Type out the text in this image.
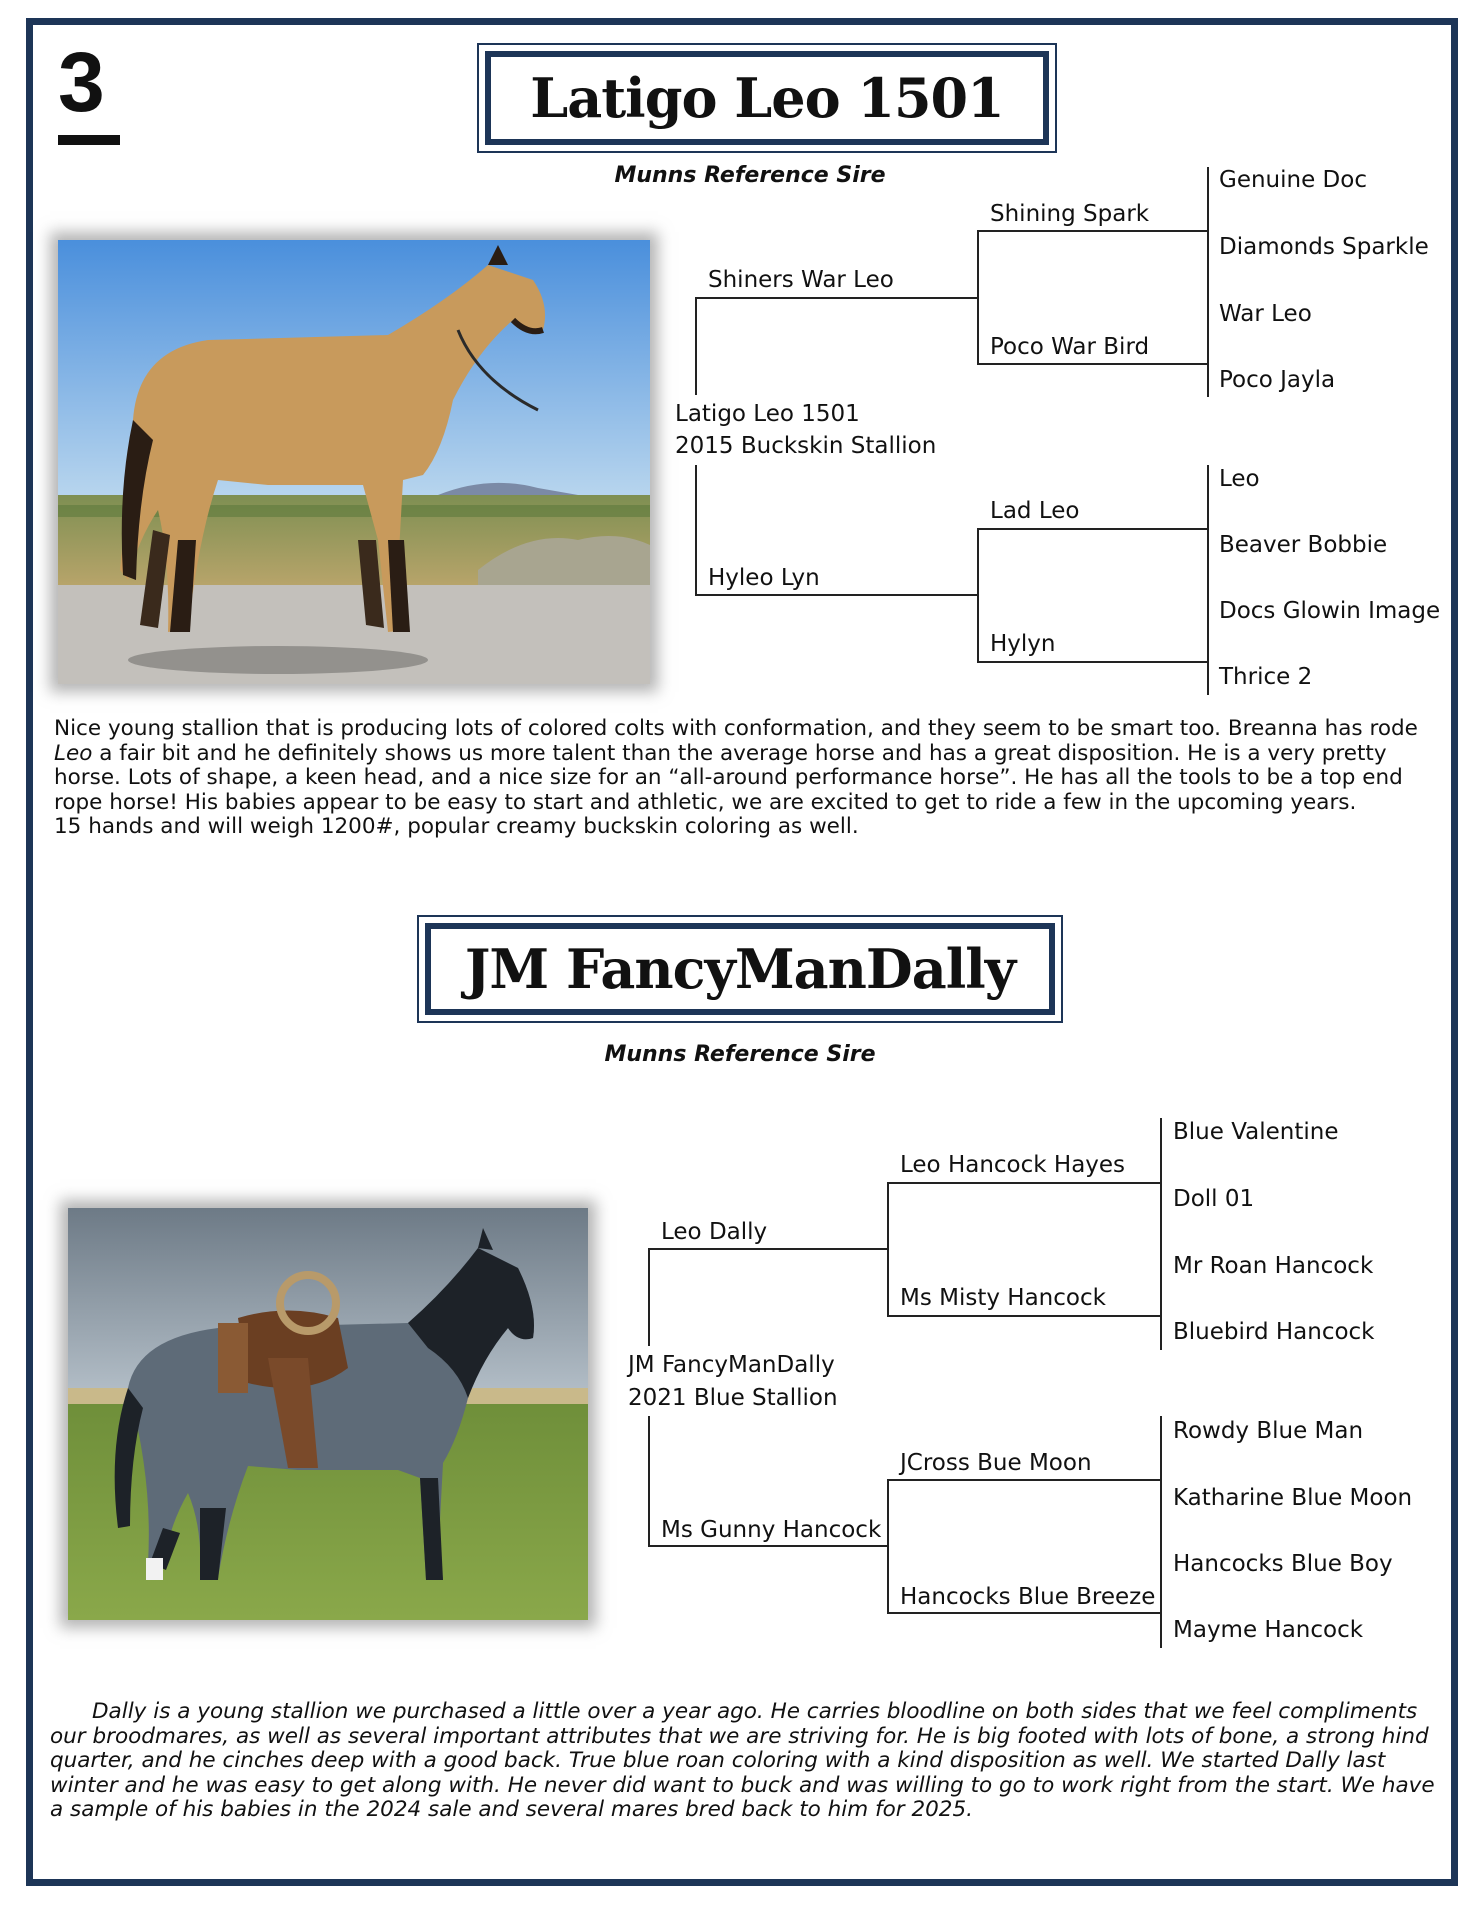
3	Latigo Leo 1501
Munns Reference Sire	Genuine Doc
Shining Spark
Diamonds Sparkle
Shiners War Leo
War Leo
Poco War Bird
Poco Jayla
Latigo Leo 1501
2015 Buckskin Stallion
Leo
Lad Leo
Beaver Bobbie
Hyleo Lyn
Docs Glowin Image
Hylyn
Thrice 2

Nice young stallion that is producing lots of colored colts with conformation, and they seem to be smart too. Breanna has rode Leo a fair bit and he definitely shows us more talent than the average horse and has a great disposition. He is a very pretty horse. Lots of shape, a keen head, and a nice size for an “all-around performance horse”. He has all the tools to be a top end rope horse! His babies appear to be easy to start and athletic, we are excited to get to ride a few in the upcoming years.

15 hands and will weigh 1200#, popular creamy buckskin coloring as well.

JM FancyManDally
Munns Reference Sire
Blue Valentine
Leo Hancock Hayes
Doll 01
Leo Dally
Mr Roan Hancock
Ms Misty Hancock
Bluebird Hancock
JM FancyManDally
2021 Blue Stallion
Rowdy Blue Man
JCross Bue Moon
Katharine Blue Moon
Ms Gunny Hancock
Hancocks Blue Boy
Hancocks Blue Breeze
Mayme Hancock

Dally is a young stallion we purchased a little over a year ago. He carries bloodline on both sides that we feel compliments our broodmares, as well as several important attributes that we are striving for. He is big footed with lots of bone, a strong hind quarter, and he cinches deep with a good back. True blue roan coloring with a kind disposition as well. We started Dally last winter and he was easy to get along with. He never did want to buck and was willing to go to work right from the start. We have a sample of his babies in the 2024 sale and several mares bred back to him for 2025.
